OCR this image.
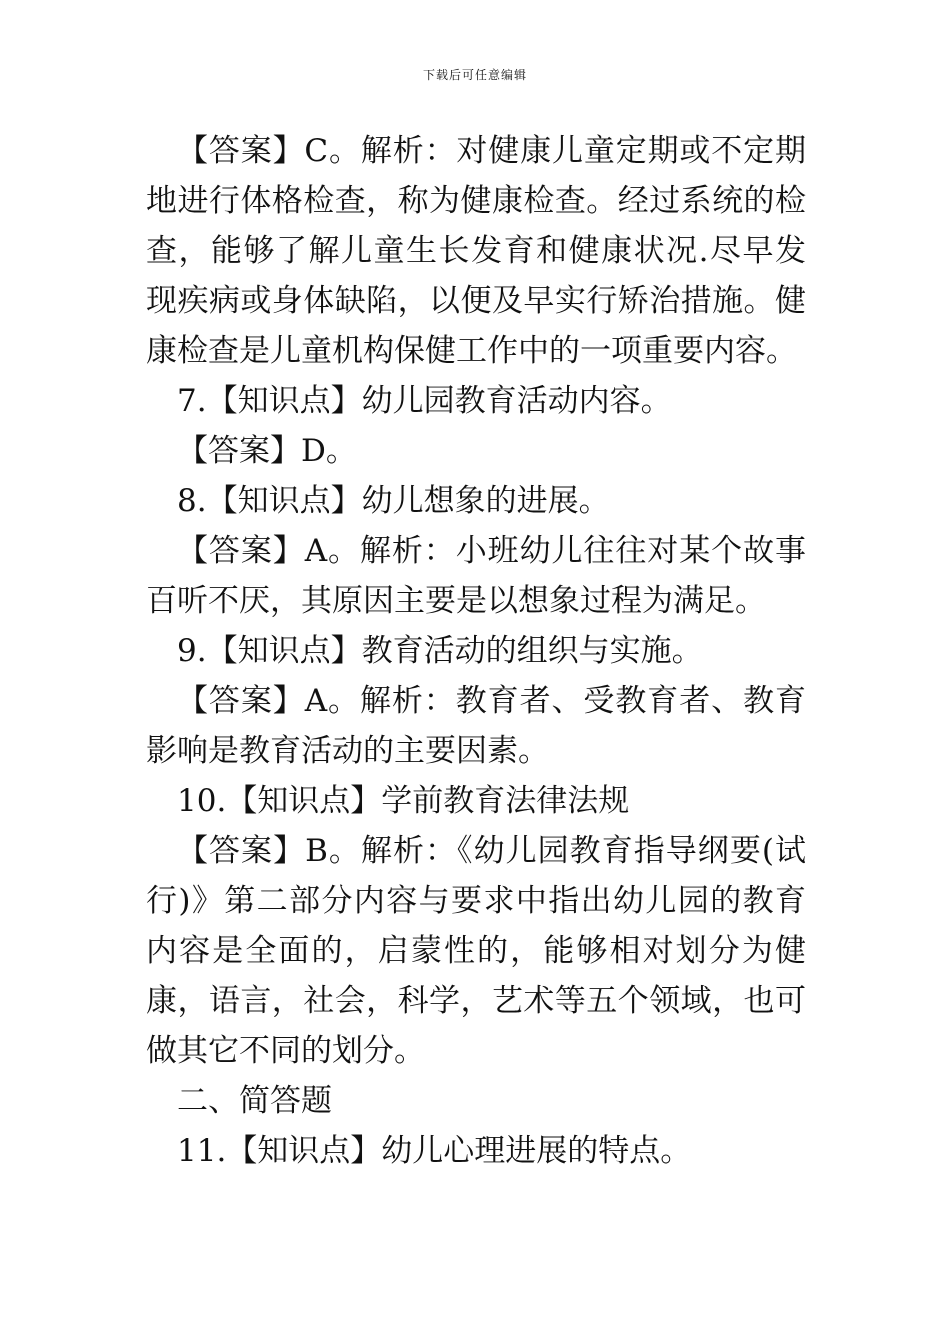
下载后可任意编辑

【答案】C。解析：对健康儿童定期或不定期地进行体格检查，称为健康检查。经过系统的检查，能够了解儿童生长发育和健康状况.尽早发现疾病或身体缺陷，以便及早实行矫治措施。健康检查是儿童机构保健工作中的一项重要内容。

7.【知识点】幼儿园教育活动内容。

【答案】D。

8.【知识点】幼儿想象的进展。

【答案】A。解析：小班幼儿往往对某个故事百听不厌，其原因主要是以想象过程为满足。

9.【知识点】教育活动的组织与实施。

【答案】A。解析：教育者、受教育者、教育影响是教育活动的主要因素。

10.【知识点】学前教育法律法规

【答案】B。解析：《幼儿园教育指导纲要(试行)》第二部分内容与要求中指出幼儿园的教育内容是全面的，启蒙性的，能够相对划分为健康，语言，社会，科学，艺术等五个领域，也可做其它不同的划分。

二、简答题

11.【知识点】幼儿心理进展的特点。
